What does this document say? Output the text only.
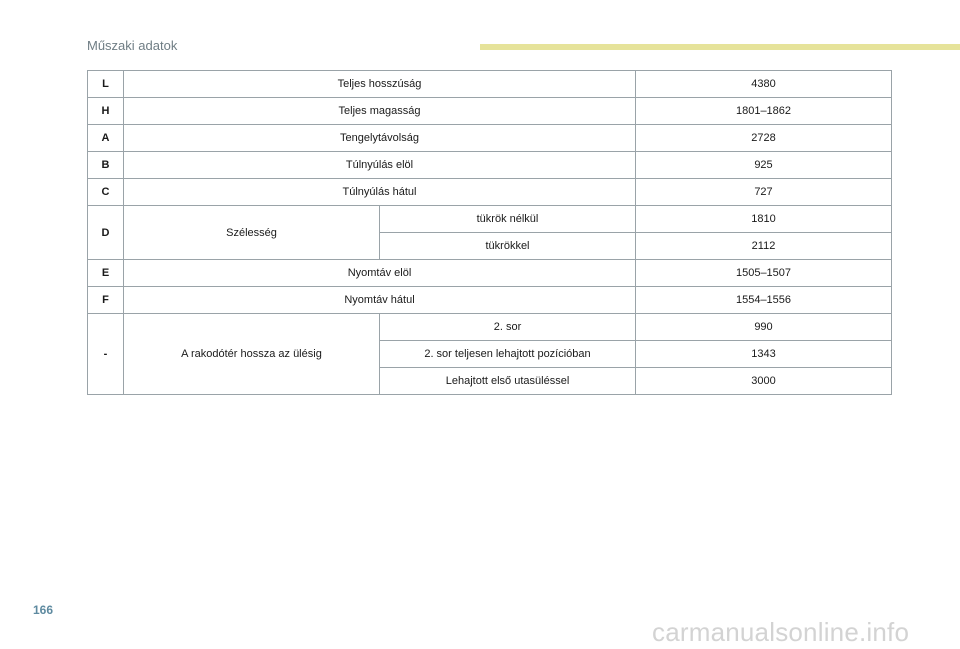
Műszaki adatok
L	Teljes hosszúság		4380
H	Teljes magasság		1801–1862
A	Tengelytávolság		2728
B	Túlnyúlás elöl		925
C	Túlnyúlás hátul		727
D	Szélesség	tükrök nélkül	1810
		tükrökkel	2112
E	Nyomtáv elöl		1505–1507
F	Nyomtáv hátul		1554–1556
-	A rakodótér hossza az ülésig	2. sor	990
		2. sor teljesen lehajtott pozícióban	1343
		Lehajtott első utasüléssel	3000
166
carmanualsonline.info
